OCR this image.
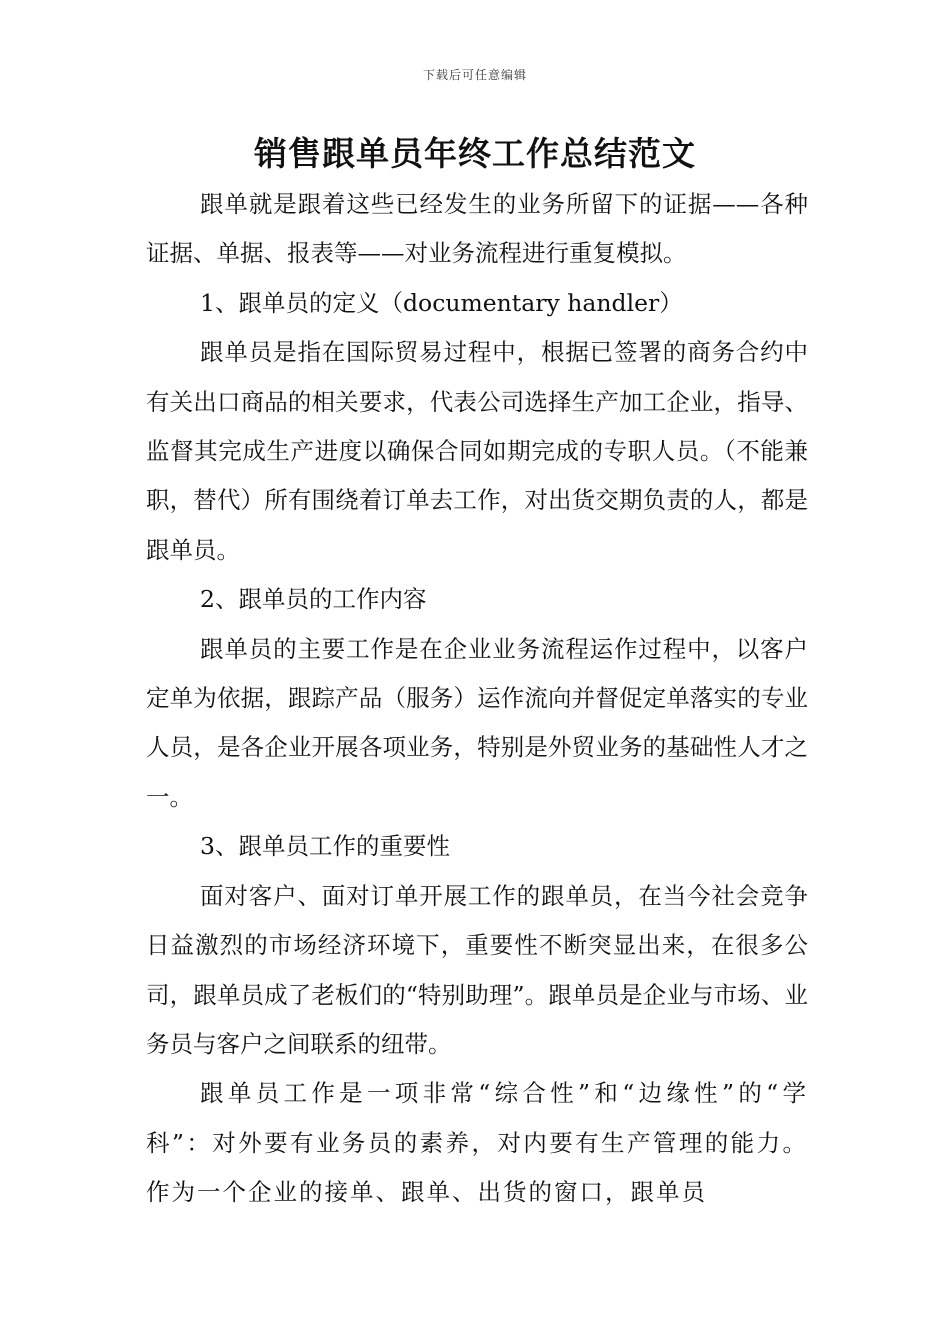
下载后可任意编辑
销售跟单员年终工作总结范文

跟单就是跟着这些已经发生的业务所留下的证据——各种证据、单据、报表等——对业务流程进行重复模拟。

1、跟单员的定义（documentary handler）

跟单员是指在国际贸易过程中，根据已签署的商务合约中有关出口商品的相关要求，代表公司选择生产加工企业，指导、监督其完成生产进度以确保合同如期完成的专职人员。（不能兼职，替代）所有围绕着订单去工作，对出货交期负责的人，都是跟单员。

2、跟单员的工作内容

跟单员的主要工作是在企业业务流程运作过程中，以客户定单为依据，跟踪产品（服务）运作流向并督促定单落实的专业人员，是各企业开展各项业务，特别是外贸业务的基础性人才之一。

3、跟单员工作的重要性

面对客户、面对订单开展工作的跟单员，在当今社会竞争日益激烈的市场经济环境下，重要性不断突显出来，在很多公司，跟单员成了老板们的“特别助理”。跟单员是企业与市场、业务员与客户之间联系的纽带。

跟单员工作是一项非常“综合性”和“边缘性”的“学科”：对外要有业务员的素养，对内要有生产管理的能力。作为一个企业的接单、跟单、出货的窗口，跟单员
